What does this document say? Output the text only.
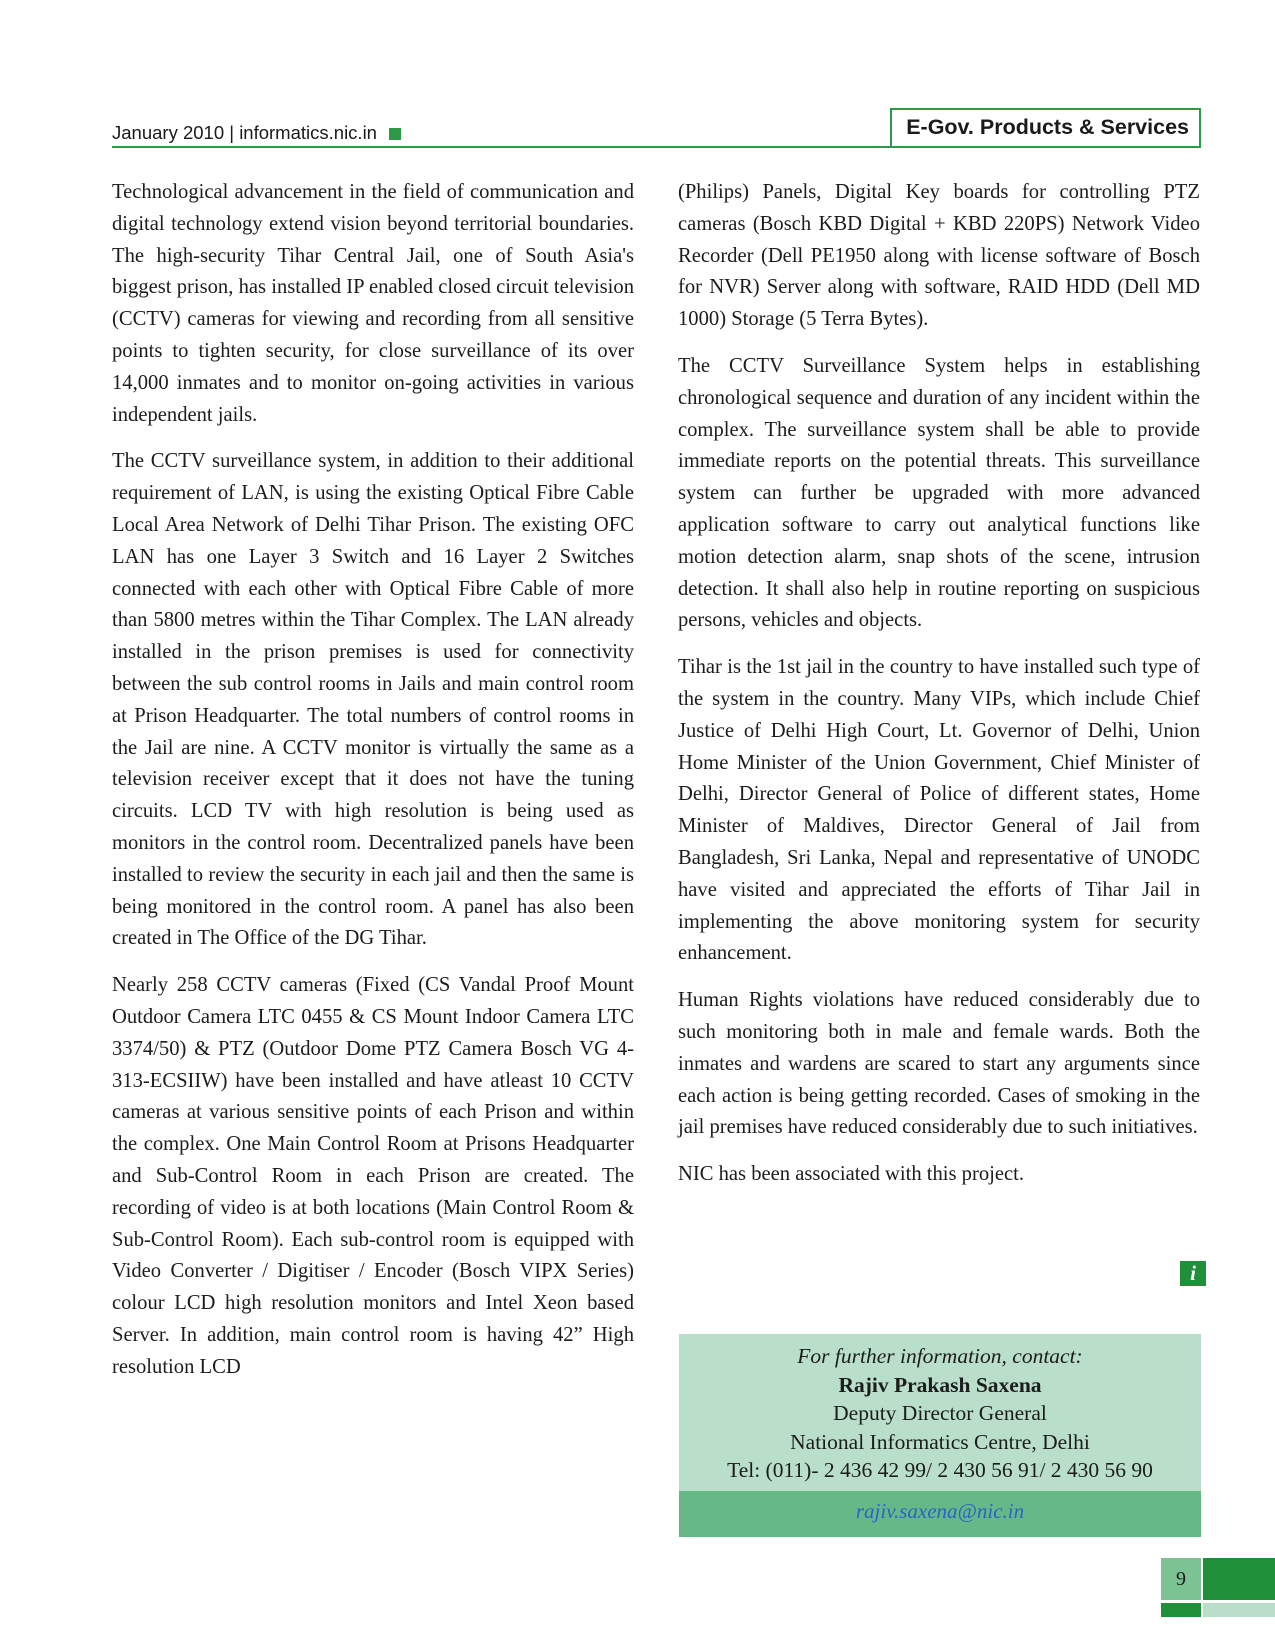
January 2010 | informatics.nic.in	E-Gov. Products & Services

Technological advancement in the field of communication and digital technology extend vision beyond territorial boundaries. The high-security Tihar Central Jail, one of South Asia's biggest prison, has installed IP enabled closed circuit television (CCTV) cameras for viewing and recording from all sensitive points to tighten security, for close surveillance of its over 14,000 inmates and to monitor on-going activities in various independent jails.

The CCTV surveillance system, in addition to their additional requirement of LAN, is using the existing Optical Fibre Cable Local Area Network of Delhi Tihar Prison. The existing OFC LAN has one Layer 3 Switch and 16 Layer 2 Switches connected with each other with Optical Fibre Cable of more than 5800 metres within the Tihar Complex. The LAN already installed in the prison premises is used for connectivity between the sub control rooms in Jails and main control room at Prison Headquarter. The total numbers of control rooms in the Jail are nine. A CCTV monitor is virtually the same as a television receiver except that it does not have the tuning circuits. LCD TV with high resolution is being used as monitors in the control room. Decentralized panels have been installed to review the security in each jail and then the same is being monitored in the control room. A panel has also been created in The Office of the DG Tihar.

Nearly 258 CCTV cameras (Fixed (CS Vandal Proof Mount Outdoor Camera LTC 0455 & CS Mount Indoor Camera LTC 3374/50) & PTZ (Outdoor Dome PTZ Camera Bosch VG 4-313-ECSIIW) have been installed and have atleast 10 CCTV cameras at various sensitive points of each Prison and within the complex. One Main Control Room at Prisons Headquarter and Sub-Control Room in each Prison are created. The recording of video is at both locations (Main Control Room & Sub-Control Room). Each sub-control room is equipped with Video Converter / Digitiser / Encoder (Bosch VIPX Series) colour LCD high resolution monitors and Intel Xeon based Server. In addition, main control room is having 42” High resolution LCD

(Philips) Panels, Digital Key boards for controlling PTZ cameras (Bosch KBD Digital + KBD 220PS) Network Video Recorder (Dell PE1950 along with license software of Bosch for NVR) Server along with software, RAID HDD (Dell MD 1000) Storage (5 Terra Bytes).

The CCTV Surveillance System helps in establishing chronological sequence and duration of any incident within the complex. The surveillance system shall be able to provide immediate reports on the potential threats. This surveillance system can further be upgraded with more advanced application software to carry out analytical functions like motion detection alarm, snap shots of the scene, intrusion detection. It shall also help in routine reporting on suspicious persons, vehicles and objects.

Tihar is the 1st jail in the country to have installed such type of the system in the country. Many VIPs, which include Chief Justice of Delhi High Court, Lt. Governor of Delhi, Union Home Minister of the Union Government, Chief Minister of Delhi, Director General of Police of different states, Home Minister of Maldives, Director General of Jail from Bangladesh, Sri Lanka, Nepal and representative of UNODC have visited and appreciated the efforts of Tihar Jail in implementing the above monitoring system for security enhancement.

Human Rights violations have reduced considerably due to such monitoring both in male and female wards. Both the inmates and wardens are scared to start any arguments since each action is being getting recorded. Cases of smoking in the jail premises have reduced considerably due to such initiatives.

NIC has been associated with this project.

i
For further information, contact:
Rajiv Prakash Saxena
Deputy Director General
National Informatics Centre, Delhi
Tel: (011)- 2 436 42 99/ 2 430 56 91/ 2 430 56 90
rajiv.saxena@nic.in
9
